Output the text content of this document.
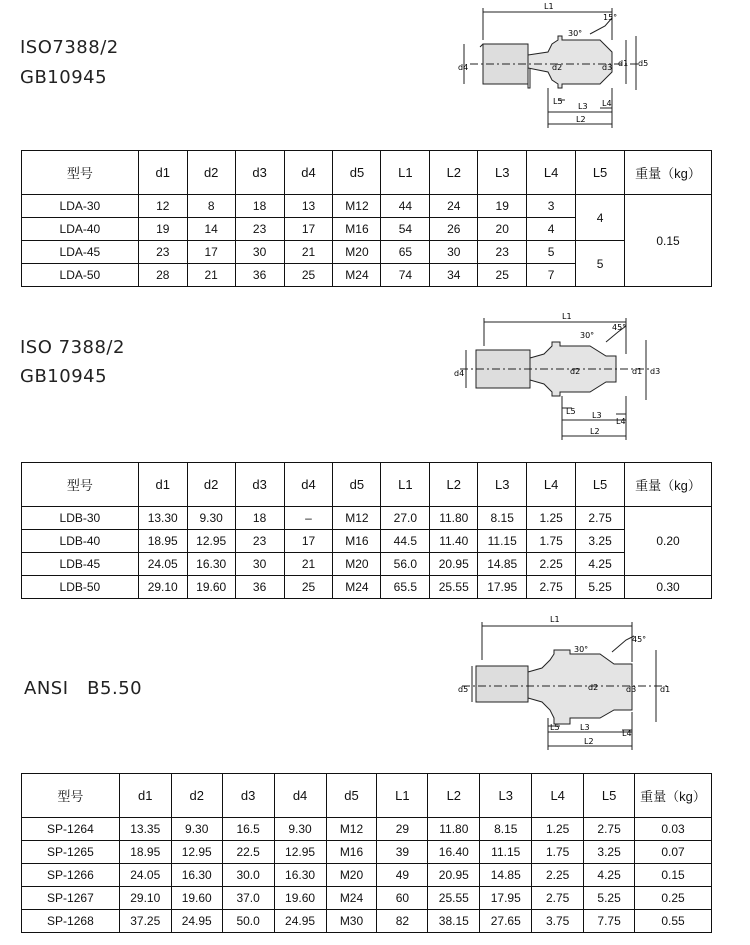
ISO7388/2
GB10945
L1
15°
30°
d4	d2	d1 d5
d3
L5
L3 L4
L2
型号	d1	d2	d3	d4	d5	L1	L2	L3	L4	L5	重量（kg）
LDA-30	12	8	18	13	M12	44	24	19	3	4	0.15
LDA-40	19	14	23	17	M16	54	26	20	4		
LDA-45	23	17	30	21	M20	65	30	23	5	5	
LDA-50	28	21	36	25	M24	74	34	25	7		
ISO 7388/2
GB10945
L1
45°
30°
d4	d2	d1 d3
L5 L3
L4
L2
型号	d1	d2	d3	d4	d5	L1	L2	L3	L4	L5	重量（kg）
LDB-30	13.30	9.30	18	–	M12	27.0	11.80	8.15	1.25	2.75	0.20
LDB-40	18.95	12.95	23	17	M16	44.5	11.40	11.15	1.75	3.25	
LDB-45	24.05	16.30	30	21	M20	56.0	20.95	14.85	2.25	4.25	
LDB-50	29.10	19.60	36	25	M24	65.5	25.55	17.95	2.75	5.25	0.30
ANSI   B5.50
L1
45°
30°
d5	d2	d3	d1
L5	L3
L4
L2
型号	d1	d2	d3	d4	d5	L1	L2	L3	L4	L5	重量（kg）
SP-1264	13.35	9.30	16.5	9.30	M12	29	11.80	8.15	1.25	2.75	0.03
SP-1265	18.95	12.95	22.5	12.95	M16	39	16.40	11.15	1.75	3.25	0.07
SP-1266	24.05	16.30	30.0	16.30	M20	49	20.95	14.85	2.25	4.25	0.15
SP-1267	29.10	19.60	37.0	19.60	M24	60	25.55	17.95	2.75	5.25	0.25
SP-1268	37.25	24.95	50.0	24.95	M30	82	38.15	27.65	3.75	7.75	0.55
